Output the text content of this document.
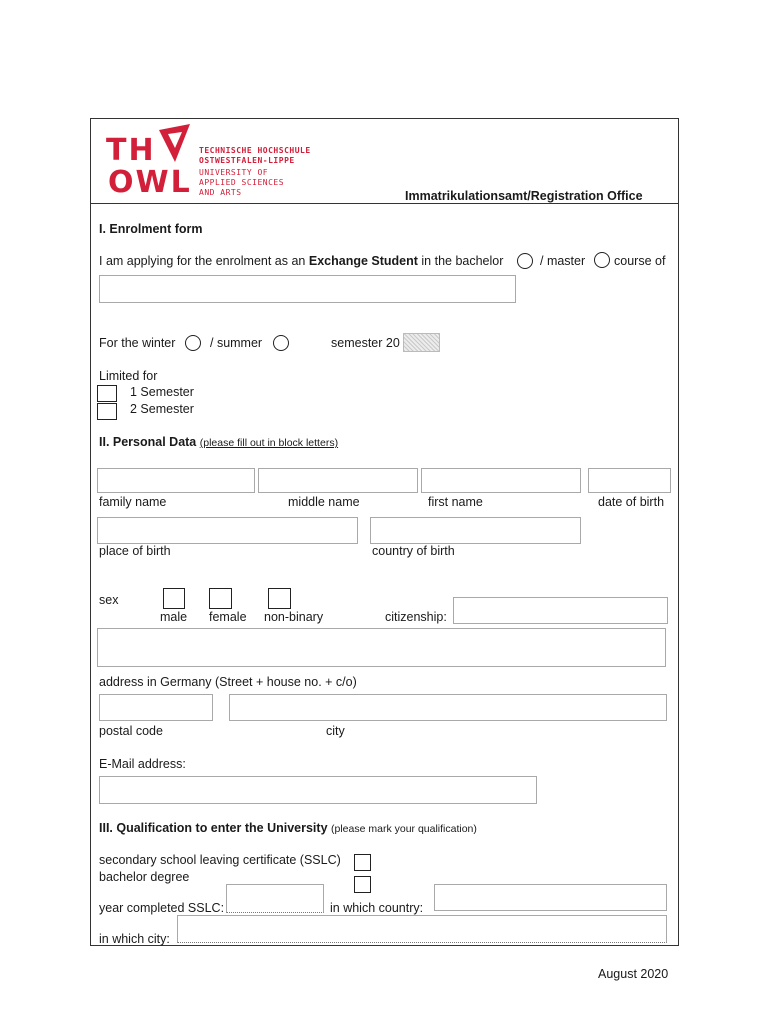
TH
OWL
TECHNISCHE HOCHSCHULE
OSTWESTFALEN-LIPPE
UNIVERSITY OF
APPLIED SCIENCES
AND ARTS	Immatrikulationsamt/Registration Office
I. Enrolment form
I am applying for the enrolment as an Exchange Student in the bachelor	/ master course of
For the winter	/ summer	semester 20
Limited for
1 Semester
2 Semester
II. Personal Data (please fill out in block letters)
family name	middle name	first name	date of birth
place of birth	country of birth
sex
male female non-binary	citizenship:
address in Germany (Street + house no. + c/o)
postal code	city
E-Mail address:
III. Qualification to enter the University (please mark your qualification)
secondary school leaving certificate (SSLC)
bachelor degree
year completed SSLC:	in which country:
in which city:
August 2020
